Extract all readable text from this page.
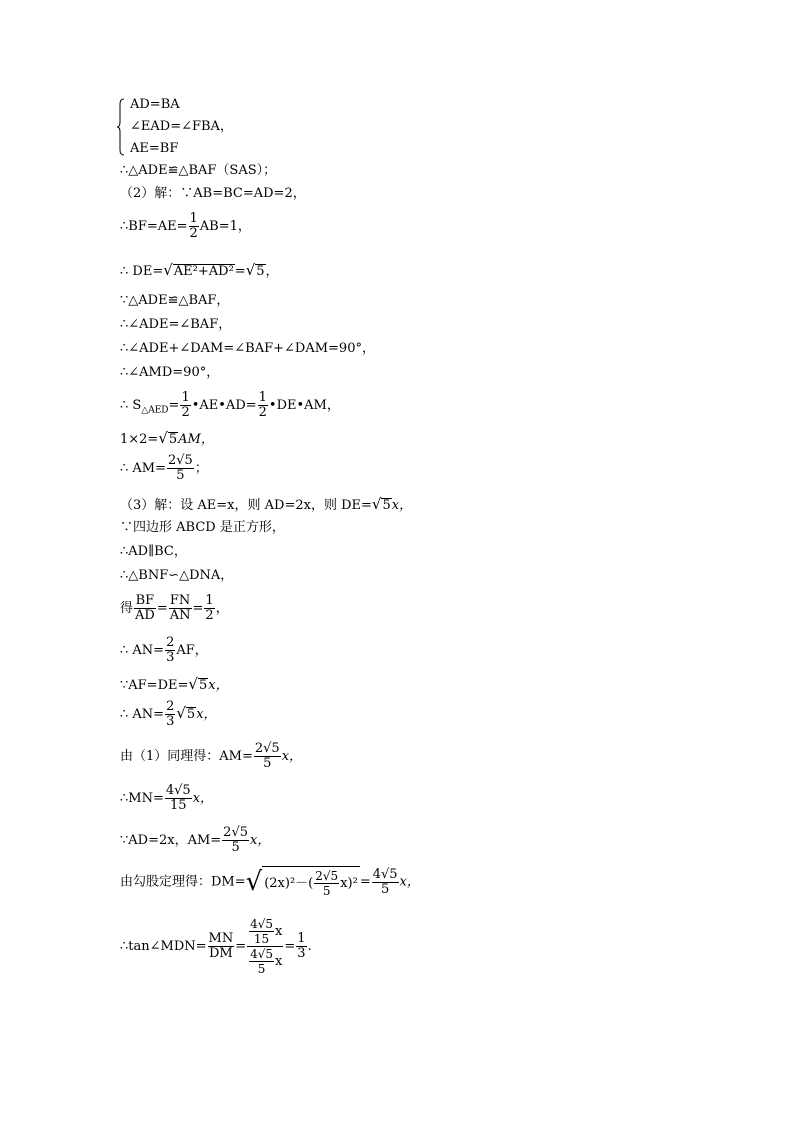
AD=BA
∠EAD=∠FBA，
AE=BF
∴△ADE≌△BAF（SAS）；
（2）解：∵AB=BC=AD=2，
∴BF=AE= $\frac{1}{2} AB=1$，
∴ DE=√AE²+AD²=√5，
∵△ADE≌△BAF，
∴∠ADE=∠BAF，
∴∠ADE+∠DAM=∠BAF+∠DAM=90°，
∴∠AMD=90°，
∴ $S_{\triangle AED}= \frac{1}{2}$ •AE•AD= $\frac{1}{2}$ •DE•AM，
1×2=√5AM，
∴ $AM= \frac{2√5}{5}$ ；
（3）解：设 AE=x，则 AD=2x，则 DE=√5x，
∵四边形 ABCD 是正方形，
∴AD∥BC，
∴△BNF∽△DNA，
得 $\frac{BF}{AD} = \frac{FN}{AN} = \frac{1}{2}$ ，
∴ $AN= \frac{2}{3}$ AF，
∵AF=DE=√5x，
∴ $AN= \frac{2}{3} √5x$，
由（1）同理得：$AM= \frac{2√5}{5}$ x，
∴MN= $\frac{4√5}{15}$ x，
∵AD=2x，$AM= \frac{2√5}{5}$ x，
由勾股定理得：DM=√ $(2x)^2-( \frac{2√5}{5} x)^2 = \frac{4√5}{5}$ x，
∴tan∠MDN= $\frac{MN}{DM} = \frac{\frac{4√5}{15} x}{\frac{4√5}{5} x} = \frac{1}{3}$ .
